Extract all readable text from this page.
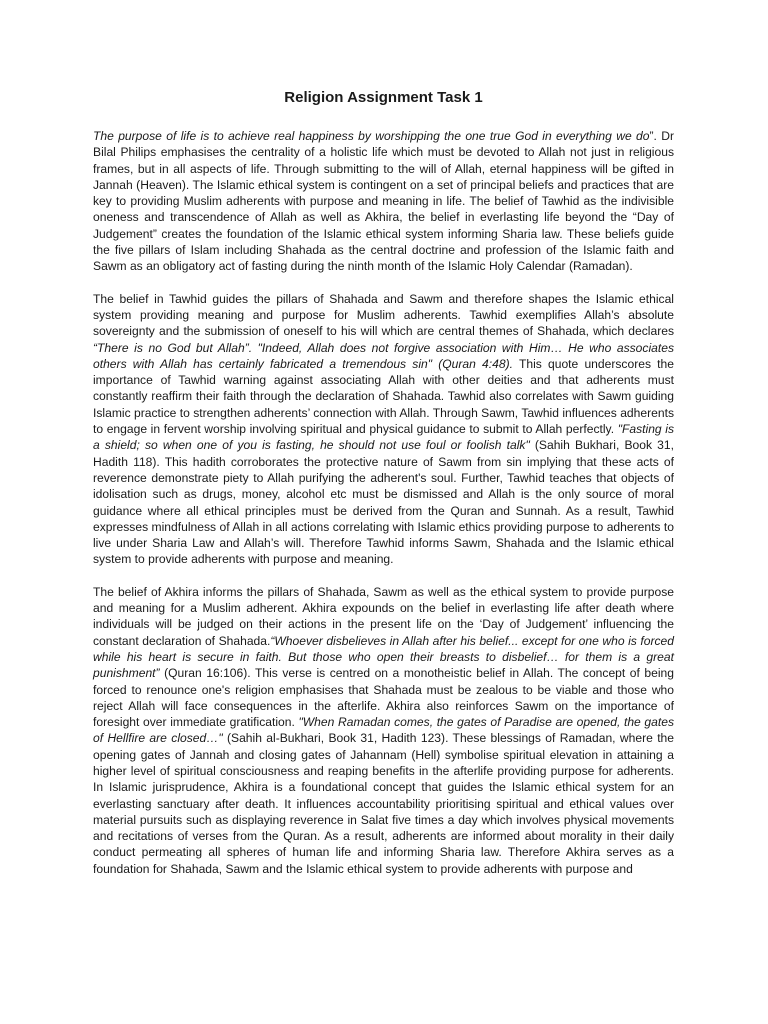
Religion Assignment Task 1

The purpose of life is to achieve real happiness by worshipping the one true God in everything we do”. Dr Bilal Philips emphasises the centrality of a holistic life which must be devoted to Allah not just in religious frames, but in all aspects of life. Through submitting to the will of Allah, eternal happiness will be gifted in Jannah (Heaven). The Islamic ethical system is contingent on a set of principal beliefs and practices that are key to providing Muslim adherents with purpose and meaning in life. The belief of Tawhid as the indivisible oneness and transcendence of Allah as well as Akhira, the belief in everlasting life beyond the “Day of Judgement” creates the foundation of the Islamic ethical system informing Sharia law. These beliefs guide the five pillars of Islam including Shahada as the central doctrine and profession of the Islamic faith and Sawm as an obligatory act of fasting during the ninth month of the Islamic Holy Calendar (Ramadan).

The belief in Tawhid guides the pillars of Shahada and Sawm and therefore shapes the Islamic ethical system providing meaning and purpose for Muslim adherents. Tawhid exemplifies Allah’s absolute sovereignty and the submission of oneself to his will which are central themes of Shahada, which declares “There is no God but Allah”. "Indeed, Allah does not forgive association with Him… He who associates others with Allah has certainly fabricated a tremendous sin" (Quran 4:48). This quote underscores the importance of Tawhid warning against associating Allah with other deities and that adherents must constantly reaffirm their faith through the declaration of Shahada. Tawhid also correlates with Sawm guiding Islamic practice to strengthen adherents’ connection with Allah. Through Sawm, Tawhid influences adherents to engage in fervent worship involving spiritual and physical guidance to submit to Allah perfectly. "Fasting is a shield; so when one of you is fasting, he should not use foul or foolish talk" (Sahih Bukhari, Book 31, Hadith 118). This hadith corroborates the protective nature of Sawm from sin implying that these acts of reverence demonstrate piety to Allah purifying the adherent's soul. Further, Tawhid teaches that objects of idolisation such as drugs, money, alcohol etc must be dismissed and Allah is the only source of moral guidance where all ethical principles must be derived from the Quran and Sunnah. As a result, Tawhid expresses mindfulness of Allah in all actions correlating with Islamic ethics providing purpose to adherents to live under Sharia Law and Allah’s will. Therefore Tawhid informs Sawm, Shahada and the Islamic ethical system to provide adherents with purpose and meaning.

The belief of Akhira informs the pillars of Shahada, Sawm as well as the ethical system to provide purpose and meaning for a Muslim adherent. Akhira expounds on the belief in everlasting life after death where individuals will be judged on their actions in the present life on the ‘Day of Judgement’ influencing the constant declaration of Shahada.“Whoever disbelieves in Allah after his belief... except for one who is forced while his heart is secure in faith. But those who open their breasts to disbelief… for them is a great punishment” (Quran 16:106). This verse is centred on a monotheistic belief in Allah. The concept of being forced to renounce one's religion emphasises that Shahada must be zealous to be viable and those who reject Allah will face consequences in the afterlife. Akhira also reinforces Sawm on the importance of foresight over immediate gratification. "When Ramadan comes, the gates of Paradise are opened, the gates of Hellfire are closed…" (Sahih al-Bukhari, Book 31, Hadith 123). These blessings of Ramadan, where the opening gates of Jannah and closing gates of Jahannam (Hell) symbolise spiritual elevation in attaining a higher level of spiritual consciousness and reaping benefits in the afterlife providing purpose for adherents. In Islamic jurisprudence, Akhira is a foundational concept that guides the Islamic ethical system for an everlasting sanctuary after death. It influences accountability prioritising spiritual and ethical values over material pursuits such as displaying reverence in Salat five times a day which involves physical movements and recitations of verses from the Quran. As a result, adherents are informed about morality in their daily conduct permeating all spheres of human life and informing Sharia law. Therefore Akhira serves as a foundation for Shahada, Sawm and the Islamic ethical system to provide adherents with purpose and
